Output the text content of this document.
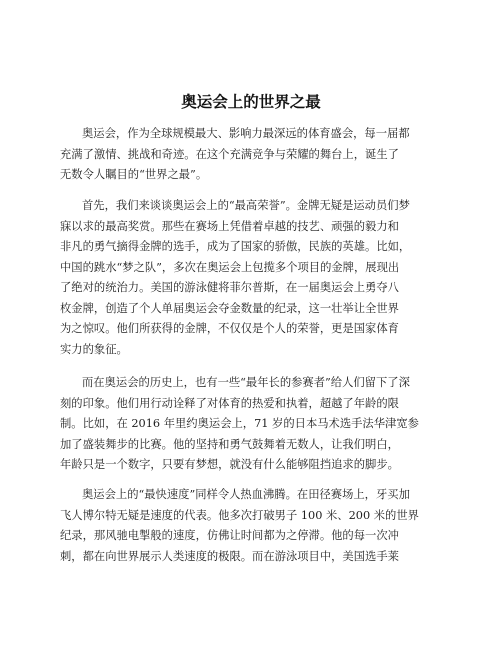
奥运会上的世界之最
奥运会，作为全球规模最大、影响力最深远的体育盛会，每一届都
充满了激情、挑战和奇迹。在这个充满竞争与荣耀的舞台上，诞生了
无数令人瞩目的“世界之最”。
首先，我们来谈谈奥运会上的“最高荣誉”。金牌无疑是运动员们梦
寐以求的最高奖赏。那些在赛场上凭借着卓越的技艺、顽强的毅力和
非凡的勇气摘得金牌的选手，成为了国家的骄傲，民族的英雄。比如，
中国的跳水“梦之队”，多次在奥运会上包揽多个项目的金牌，展现出
了绝对的统治力。美国的游泳健将菲尔普斯，在一届奥运会上勇夺八
枚金牌，创造了个人单届奥运会夺金数量的纪录，这一壮举让全世界
为之惊叹。他们所获得的金牌，不仅仅是个人的荣誉，更是国家体育
实力的象征。
而在奥运会的历史上，也有一些“最年长的参赛者”给人们留下了深
刻的印象。他们用行动诠释了对体育的热爱和执着，超越了年龄的限
制。比如，在 2016 年里约奥运会上，71 岁的日本马术选手法华津宽参
加了盛装舞步的比赛。他的坚持和勇气鼓舞着无数人，让我们明白，
年龄只是一个数字，只要有梦想，就没有什么能够阻挡追求的脚步。
奥运会上的“最快速度”同样令人热血沸腾。在田径赛场上，牙买加
飞人博尔特无疑是速度的代表。他多次打破男子 100 米、200 米的世界
纪录，那风驰电掣般的速度，仿佛让时间都为之停滞。他的每一次冲
刺，都在向世界展示人类速度的极限。而在游泳项目中，美国选手莱
